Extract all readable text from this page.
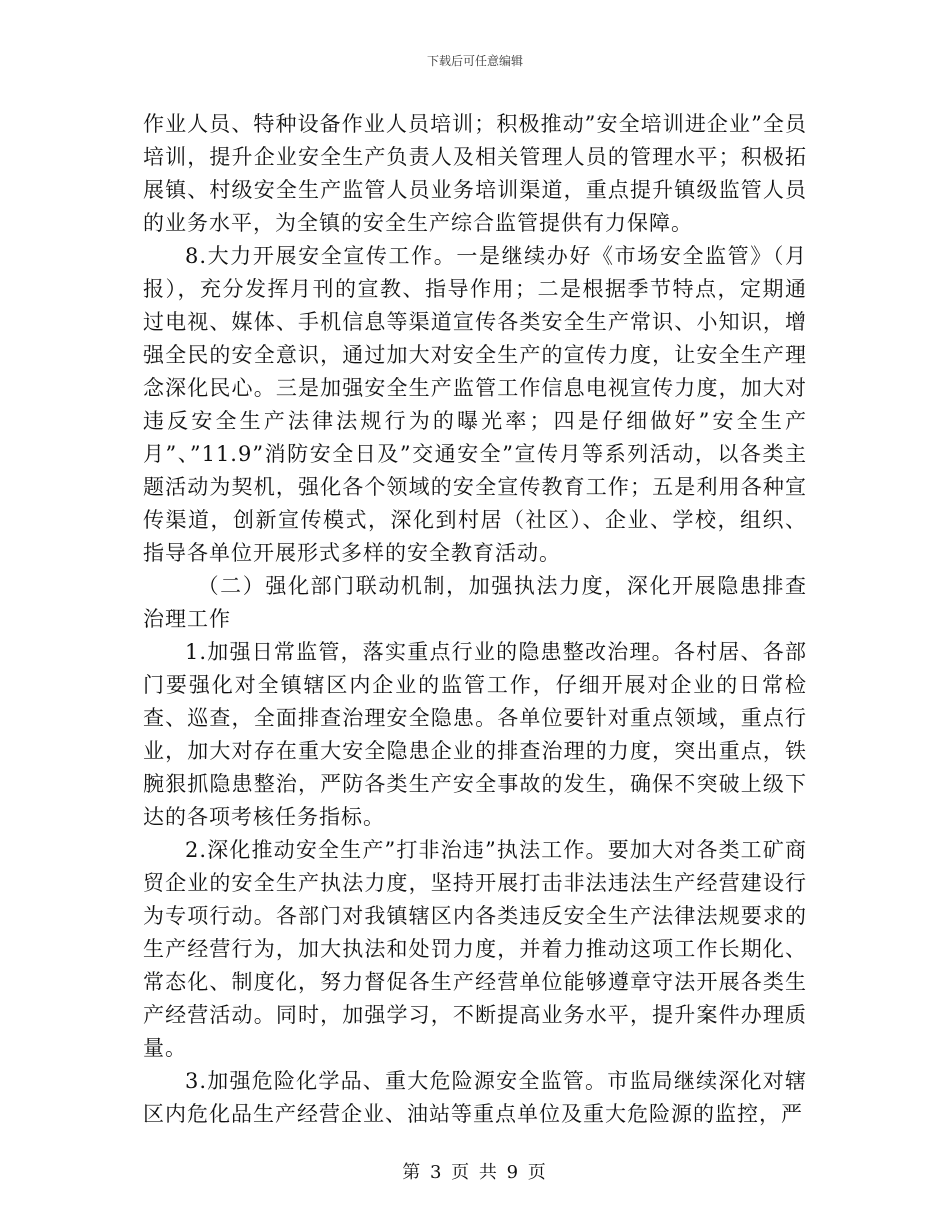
下载后可任意编辑

作业人员、特种设备作业人员培训；积极推动”安全培训进企业”全员培训，提升企业安全生产负责人及相关管理人员的管理水平；积极拓展镇、村级安全生产监管人员业务培训渠道，重点提升镇级监管人员的业务水平，为全镇的安全生产综合监管提供有力保障。

8.大力开展安全宣传工作。一是继续办好《市场安全监管》（月报），充分发挥月刊的宣教、指导作用；二是根据季节特点，定期通过电视、媒体、手机信息等渠道宣传各类安全生产常识、小知识，增强全民的安全意识，通过加大对安全生产的宣传力度，让安全生产理念深化民心。三是加强安全生产监管工作信息电视宣传力度，加大对违反安全生产法律法规行为的曝光率；四是仔细做好”安全生产月”、”11.9”消防安全日及”交通安全”宣传月等系列活动，以各类主题活动为契机，强化各个领域的安全宣传教育工作；五是利用各种宣传渠道，创新宣传模式，深化到村居（社区）、企业、学校，组织、指导各单位开展形式多样的安全教育活动。

（二）强化部门联动机制，加强执法力度，深化开展隐患排查治理工作

1.加强日常监管，落实重点行业的隐患整改治理。各村居、各部门要强化对全镇辖区内企业的监管工作，仔细开展对企业的日常检查、巡查，全面排查治理安全隐患。各单位要针对重点领域，重点行业，加大对存在重大安全隐患企业的排查治理的力度，突出重点，铁腕狠抓隐患整治，严防各类生产安全事故的发生，确保不突破上级下达的各项考核任务指标。

2.深化推动安全生产”打非治违”执法工作。要加大对各类工矿商贸企业的安全生产执法力度，坚持开展打击非法违法生产经营建设行为专项行动。各部门对我镇辖区内各类违反安全生产法律法规要求的生产经营行为，加大执法和处罚力度，并着力推动这项工作长期化、常态化、制度化，努力督促各生产经营单位能够遵章守法开展各类生产经营活动。同时，加强学习，不断提高业务水平，提升案件办理质量。

3.加强危险化学品、重大危险源安全监管。市监局继续深化对辖区内危化品生产经营企业、油站等重点单位及重大危险源的监控，严

第 3 页 共 9 页
